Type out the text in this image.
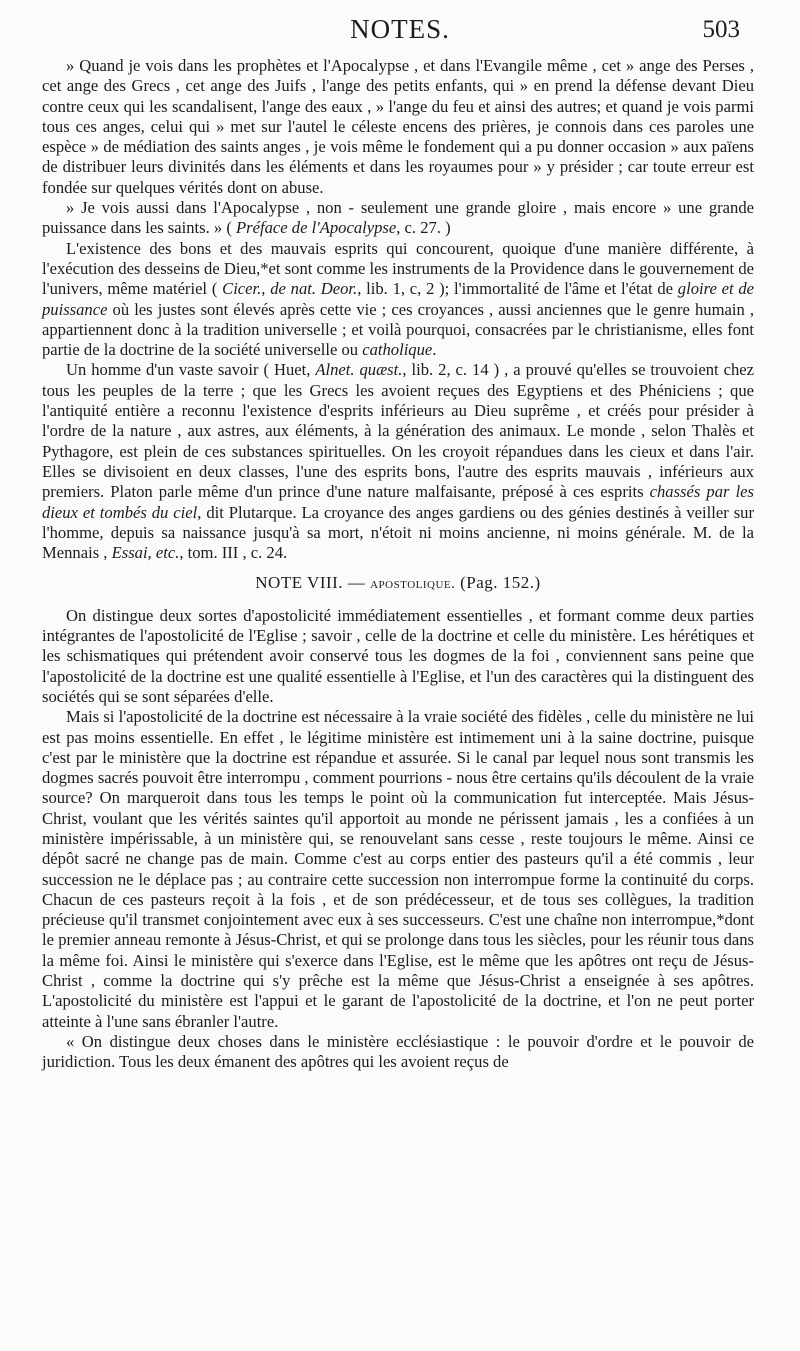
NOTES.	503

» Quand je vois dans les prophètes et l'Apocalypse , et dans l'Evangile même , cet » ange des Perses , cet ange des Grecs , cet ange des Juifs , l'ange des petits enfants, qui » en prend la défense devant Dieu contre ceux qui les scandalisent, l'ange des eaux , » l'ange du feu et ainsi des autres; et quand je vois parmi tous ces anges, celui qui » met sur l'autel le céleste encens des prières, je connois dans ces paroles une espèce » de médiation des saints anges , je vois même le fondement qui a pu donner occasion » aux païens de distribuer leurs divinités dans les éléments et dans les royaumes pour » y présider ; car toute erreur est fondée sur quelques vérités dont on abuse.

» Je vois aussi dans l'Apocalypse , non - seulement une grande gloire , mais encore » une grande puissance dans les saints. » ( Préface de l'Apocalypse, c. 27. )

L'existence des bons et des mauvais esprits qui concourent, quoique d'une manière différente, à l'exécution des desseins de Dieu,*et sont comme les instruments de la Providence dans le gouvernement de l'univers, même matériel ( Cicer., de nat. Deor., lib. 1, c, 2 ); l'immortalité de l'âme et l'état de gloire et de puissance où les justes sont élevés après cette vie ; ces croyances , aussi anciennes que le genre humain , appartiennent donc à la tradition universelle ; et voilà pourquoi, consacrées par le christianisme, elles font partie de la doctrine de la société universelle ou catholique.

Un homme d'un vaste savoir ( Huet, Alnet. quæst., lib. 2, c. 14 ) , a prouvé qu'elles se trouvoient chez tous les peuples de la terre ; que les Grecs les avoient reçues des Egyptiens et des Phéniciens ; que l'antiquité entière a reconnu l'existence d'esprits inférieurs au Dieu suprême , et créés pour présider à l'ordre de la nature , aux astres, aux éléments, à la génération des animaux. Le monde , selon Thalès et Pythagore, est plein de ces substances spirituelles. On les croyoit répandues dans les cieux et dans l'air. Elles se divisoient en deux classes, l'une des esprits bons, l'autre des esprits mauvais , inférieurs aux premiers. Platon parle même d'un prince d'une nature malfaisante, préposé à ces esprits chassés par les dieux et tombés du ciel, dit Plutarque. La croyance des anges gardiens ou des génies destinés à veiller sur l'homme, depuis sa naissance jusqu'à sa mort, n'étoit ni moins ancienne, ni moins générale. M. de la Mennais , Essai, etc., tom. III , c. 24.

NOTE VIII. — apostolique. (Pag. 152.)

On distingue deux sortes d'apostolicité immédiatement essentielles , et formant comme deux parties intégrantes de l'apostolicité de l'Eglise ; savoir , celle de la doctrine et celle du ministère. Les hérétiques et les schismatiques qui prétendent avoir conservé tous les dogmes de la foi , conviennent sans peine que l'apostolicité de la doctrine est une qualité essentielle à l'Eglise, et l'un des caractères qui la distinguent des sociétés qui se sont séparées d'elle.

Mais si l'apostolicité de la doctrine est nécessaire à la vraie société des fidèles , celle du ministère ne lui est pas moins essentielle. En effet , le légitime ministère est intimement uni à la saine doctrine, puisque c'est par le ministère que la doctrine est répandue et assurée. Si le canal par lequel nous sont transmis les dogmes sacrés pouvoit être interrompu , comment pourrions - nous être certains qu'ils découlent de la vraie source? On marqueroit dans tous les temps le point où la communication fut interceptée. Mais Jésus-Christ, voulant que les vérités saintes qu'il apportoit au monde ne périssent jamais , les a confiées à un ministère impérissable, à un ministère qui, se renouvelant sans cesse , reste toujours le même. Ainsi ce dépôt sacré ne change pas de main. Comme c'est au corps entier des pasteurs qu'il a été commis , leur succession ne le déplace pas ; au contraire cette succession non interrompue forme la continuité du corps. Chacun de ces pasteurs reçoit à la fois , et de son prédécesseur, et de tous ses collègues, la tradition précieuse qu'il transmet conjointement avec eux à ses successeurs. C'est une chaîne non interrompue,*dont le premier anneau remonte à Jésus-Christ, et qui se prolonge dans tous les siècles, pour les réunir tous dans la même foi. Ainsi le ministère qui s'exerce dans l'Eglise, est le même que les apôtres ont reçu de Jésus-Christ , comme la doctrine qui s'y prêche est la même que Jésus-Christ a enseignée à ses apôtres. L'apostolicité du ministère est l'appui et le garant de l'apostolicité de la doctrine, et l'on ne peut porter atteinte à l'une sans ébranler l'autre.

« On distingue deux choses dans le ministère ecclésiastique : le pouvoir d'ordre et le pouvoir de juridiction. Tous les deux émanent des apôtres qui les avoient reçus de
